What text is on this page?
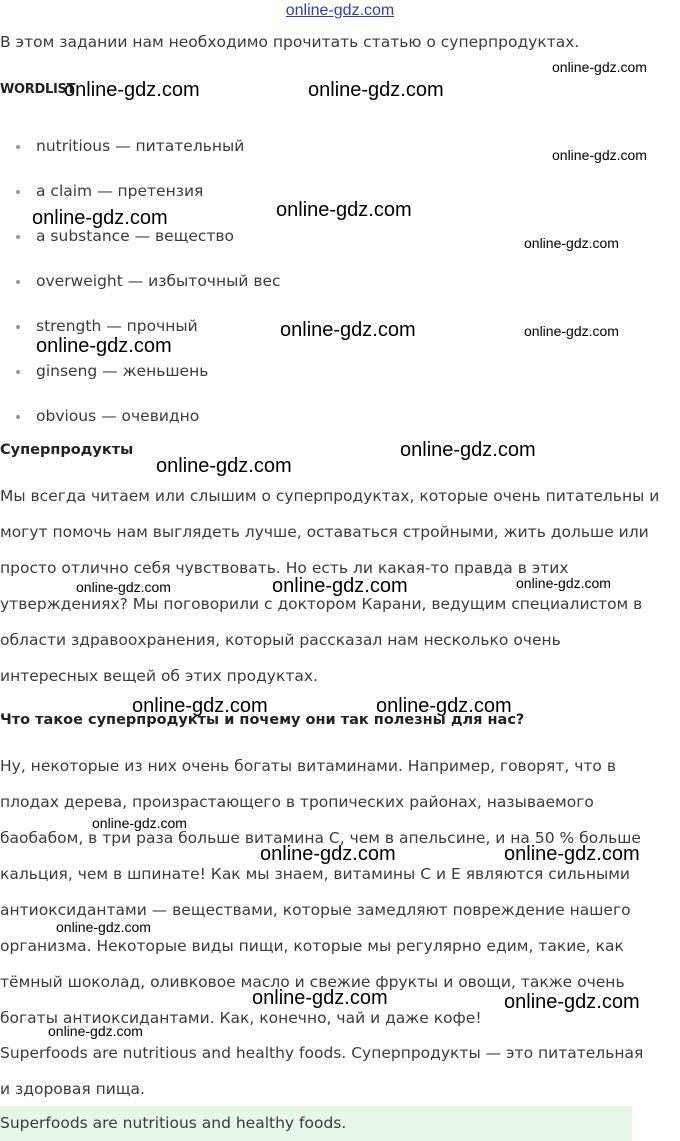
online-gdz.com
В этом задании нам необходимо прочитать статью о суперпродуктах.
WORDLIST
nutritious — питательный
a claim — претензия
a substance — вещество
overweight — избыточный вес
strength — прочный
ginseng — женьшень
obvious — очевидно
Суперпродукты
Мы всегда читаем или слышим о суперпродуктах, которые очень питательны и
могут помочь нам выглядеть лучше, оставаться стройными, жить дольше или
просто отлично себя чувствовать. Но есть ли какая-то правда в этих
утверждениях? Мы поговорили с доктором Карани, ведущим специалистом в
области здравоохранения, который рассказал нам несколько очень
интересных вещей об этих продуктах.
Что такое суперпродукты и почему они так полезны для нас?
Ну, некоторые из них очень богаты витаминами. Например, говорят, что в
плодах дерева, произрастающего в тропических районах, называемого
баобабом, в три раза больше витамина С, чем в апельсине, и на 50 % больше
кальция, чем в шпинате! Как мы знаем, витамины С и Е являются сильными
антиоксидантами — веществами, которые замедляют повреждение нашего
организма. Некоторые виды пищи, которые мы регулярно едим, такие, как
тёмный шоколад, оливковое масло и свежие фрукты и овощи, также очень
богаты антиоксидантами. Как, конечно, чай и даже кофе!
Superfoods are nutritious and healthy foods. Суперпродукты — это питательная
и здоровая пища.
Superfoods are nutritious and healthy foods.
online-gdz.com
online-gdz.com	online-gdz.com
online-gdz.com
online-gdz.com	online-gdz.com
online-gdz.com
online-gdz.com	online-gdz.com
online-gdz.com
online-gdz.com
online-gdz.com
online-gdz.com	online-gdz.com	online-gdz.com
online-gdz.com	online-gdz.com
online-gdz.com
online-gdz.com	online-gdz.com
online-gdz.com
online-gdz.com	online-gdz.com
online-gdz.com
